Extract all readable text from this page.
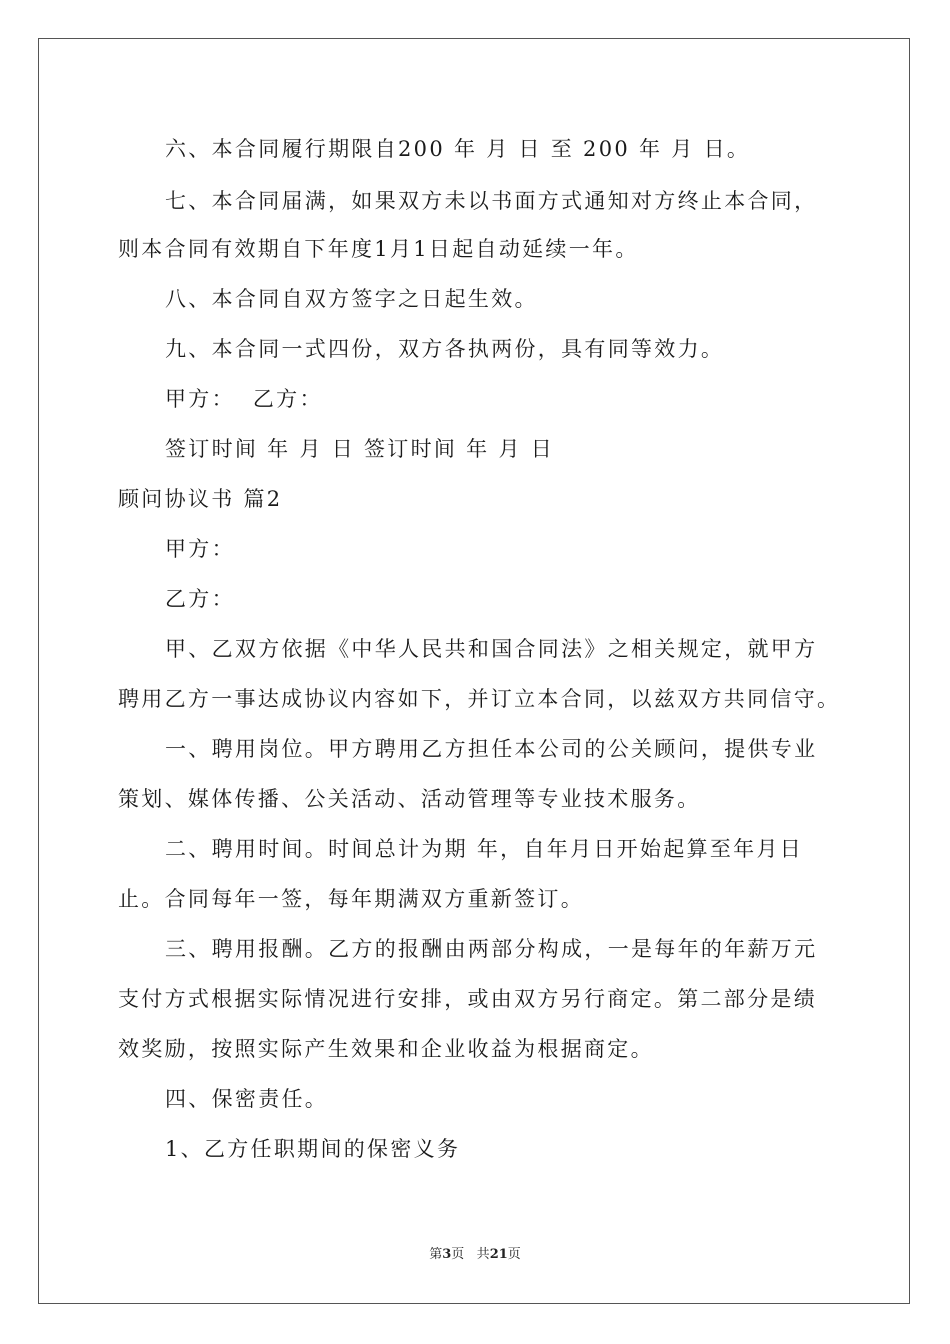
六、本合同履行期限自200 年 月 日 至 200 年 月 日。
七、本合同届满，如果双方未以书面方式通知对方终止本合同，
则本合同有效期自下年度1月1日起自动延续一年。
八、本合同自双方签字之日起生效。
九、本合同一式四份，双方各执两份，具有同等效力。
甲方：  乙方：
签订时间 年 月 日 签订时间 年 月 日
顾问协议书 篇2
甲方：
乙方：
甲、乙双方依据《中华人民共和国合同法》之相关规定，就甲方
聘用乙方一事达成协议内容如下，并订立本合同，以兹双方共同信守。
一、聘用岗位。甲方聘用乙方担任本公司的公关顾问，提供专业
策划、媒体传播、公关活动、活动管理等专业技术服务。
二、聘用时间。时间总计为期 年，自年月日开始起算至年月日
止。合同每年一签，每年期满双方重新签订。
三、聘用报酬。乙方的报酬由两部分构成，一是每年的年薪万元
支付方式根据实际情况进行安排，或由双方另行商定。第二部分是绩
效奖励，按照实际产生效果和企业收益为根据商定。
四、保密责任。
1、乙方任职期间的保密义务
第3页 共21页
